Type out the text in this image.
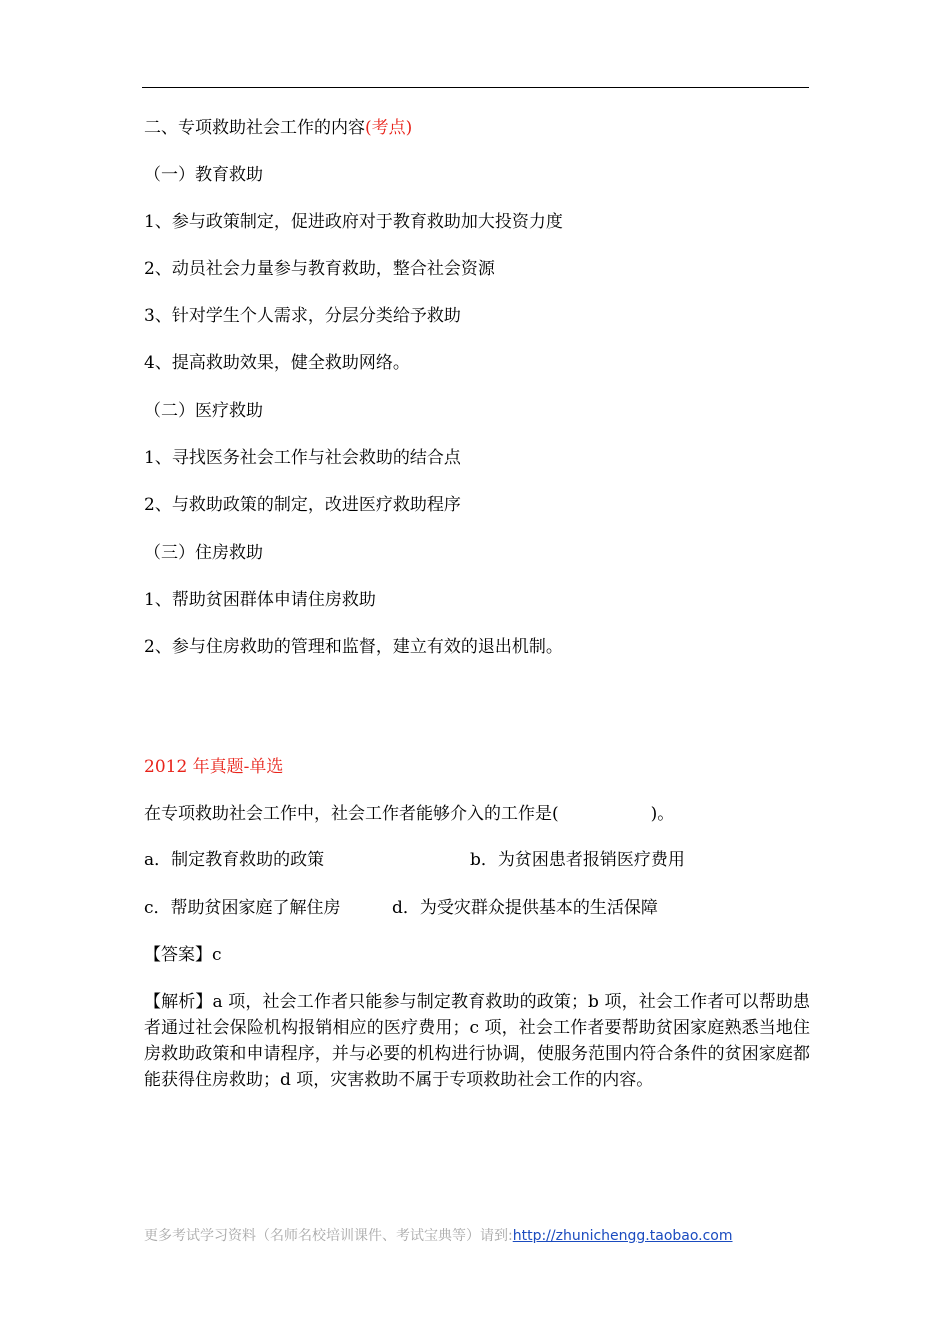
二、专项救助社会工作的内容(考点)
（一）教育救助
1、参与政策制定，促进政府对于教育救助加大投资力度
2、动员社会力量参与教育救助，整合社会资源
3、针对学生个人需求，分层分类给予救助
4、提高救助效果，健全救助网络。
（二）医疗救助
1、寻找医务社会工作与社会救助的结合点
2、与救助政策的制定，改进医疗救助程序
（三）住房救助
1、帮助贫困群体申请住房救助
2、参与住房救助的管理和监督，建立有效的退出机制。
2012 年真题-单选
在专项救助社会工作中，社会工作者能够介入的工作是(	)。
a．制定教育救助的政策	b．为贫困患者报销医疗费用
c．帮助贫困家庭了解住房	d．为受灾群众提供基本的生活保障
【答案】c
【解析】a 项，社会工作者只能参与制定教育救助的政策；b 项，社会工作者可以帮助患者通过社会保险机构报销相应的医疗费用；c 项，社会工作者要帮助贫困家庭熟悉当地住房救助政策和申请程序，并与必要的机构进行协调，使服务范围内符合条件的贫困家庭都能获得住房救助；d 项，灾害救助不属于专项救助社会工作的内容。
更多考试学习资料（名师名校培训课件、考试宝典等）请到:http://zhunichengg.taobao.com
